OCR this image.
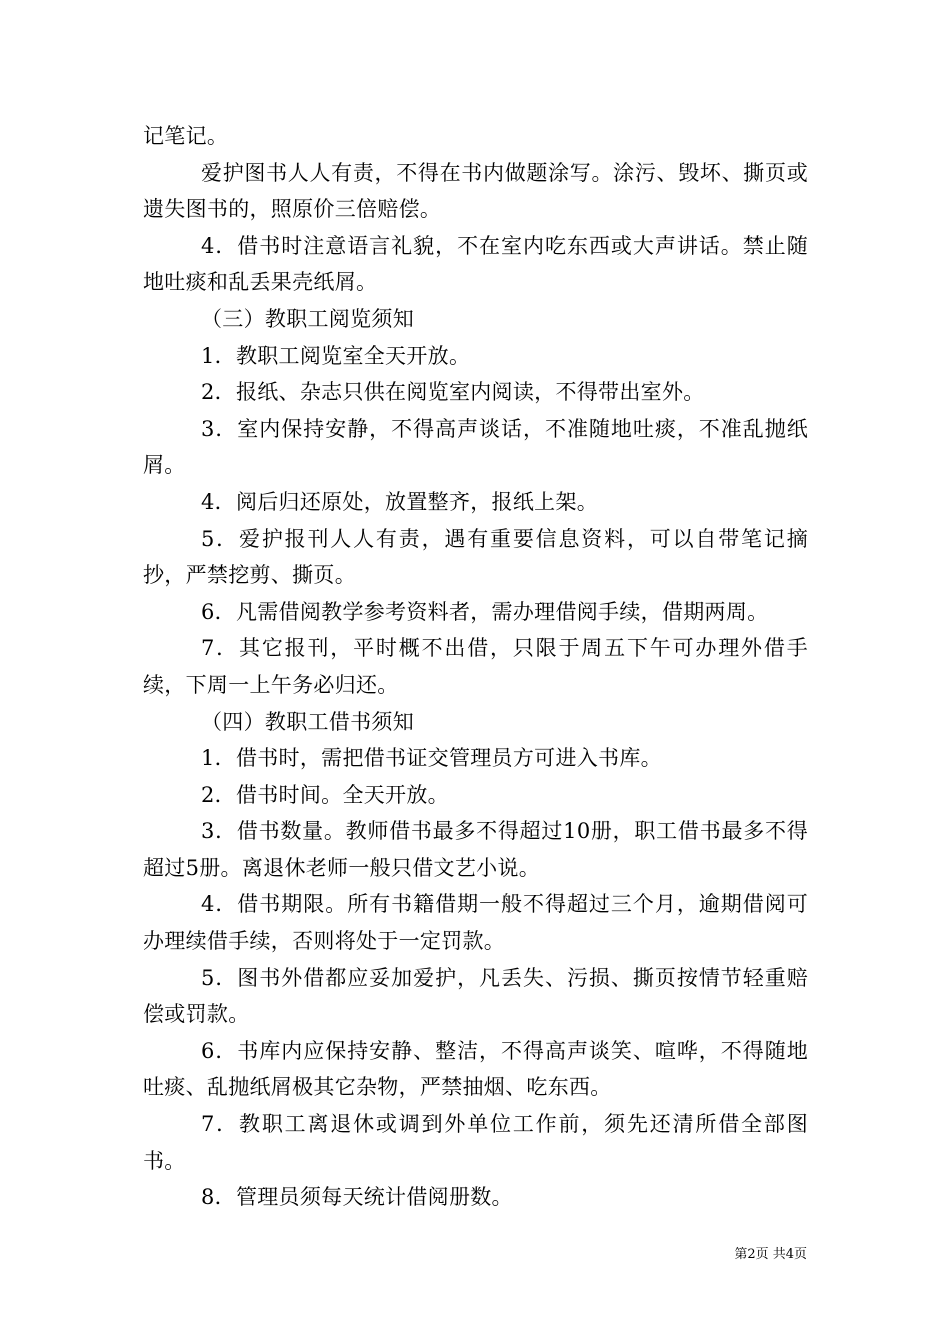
记笔记。

爱护图书人人有责，不得在书内做题涂写。涂污、毁坏、撕页或遗失图书的，照原价三倍赔偿。

4．借书时注意语言礼貌，不在室内吃东西或大声讲话。禁止随地吐痰和乱丢果壳纸屑。

（三）教职工阅览须知

1．教职工阅览室全天开放。

2．报纸、杂志只供在阅览室内阅读，不得带出室外。

3．室内保持安静，不得高声谈话，不准随地吐痰，不准乱抛纸屑。

4．阅后归还原处，放置整齐，报纸上架。

5．爱护报刊人人有责，遇有重要信息资料，可以自带笔记摘抄，严禁挖剪、撕页。

6．凡需借阅教学参考资料者，需办理借阅手续，借期两周。

7．其它报刊，平时概不出借，只限于周五下午可办理外借手续，下周一上午务必归还。

（四）教职工借书须知

1．借书时，需把借书证交管理员方可进入书库。

2．借书时间。全天开放。

3．借书数量。教师借书最多不得超过10册，职工借书最多不得超过5册。离退休老师一般只借文艺小说。

4．借书期限。所有书籍借期一般不得超过三个月，逾期借阅可办理续借手续，否则将处于一定罚款。

5．图书外借都应妥加爱护，凡丢失、污损、撕页按情节轻重赔偿或罚款。

6．书库内应保持安静、整洁，不得高声谈笑、喧哗，不得随地吐痰、乱抛纸屑极其它杂物，严禁抽烟、吃东西。

7．教职工离退休或调到外单位工作前，须先还清所借全部图书。

8．管理员须每天统计借阅册数。

第2页 共4页
